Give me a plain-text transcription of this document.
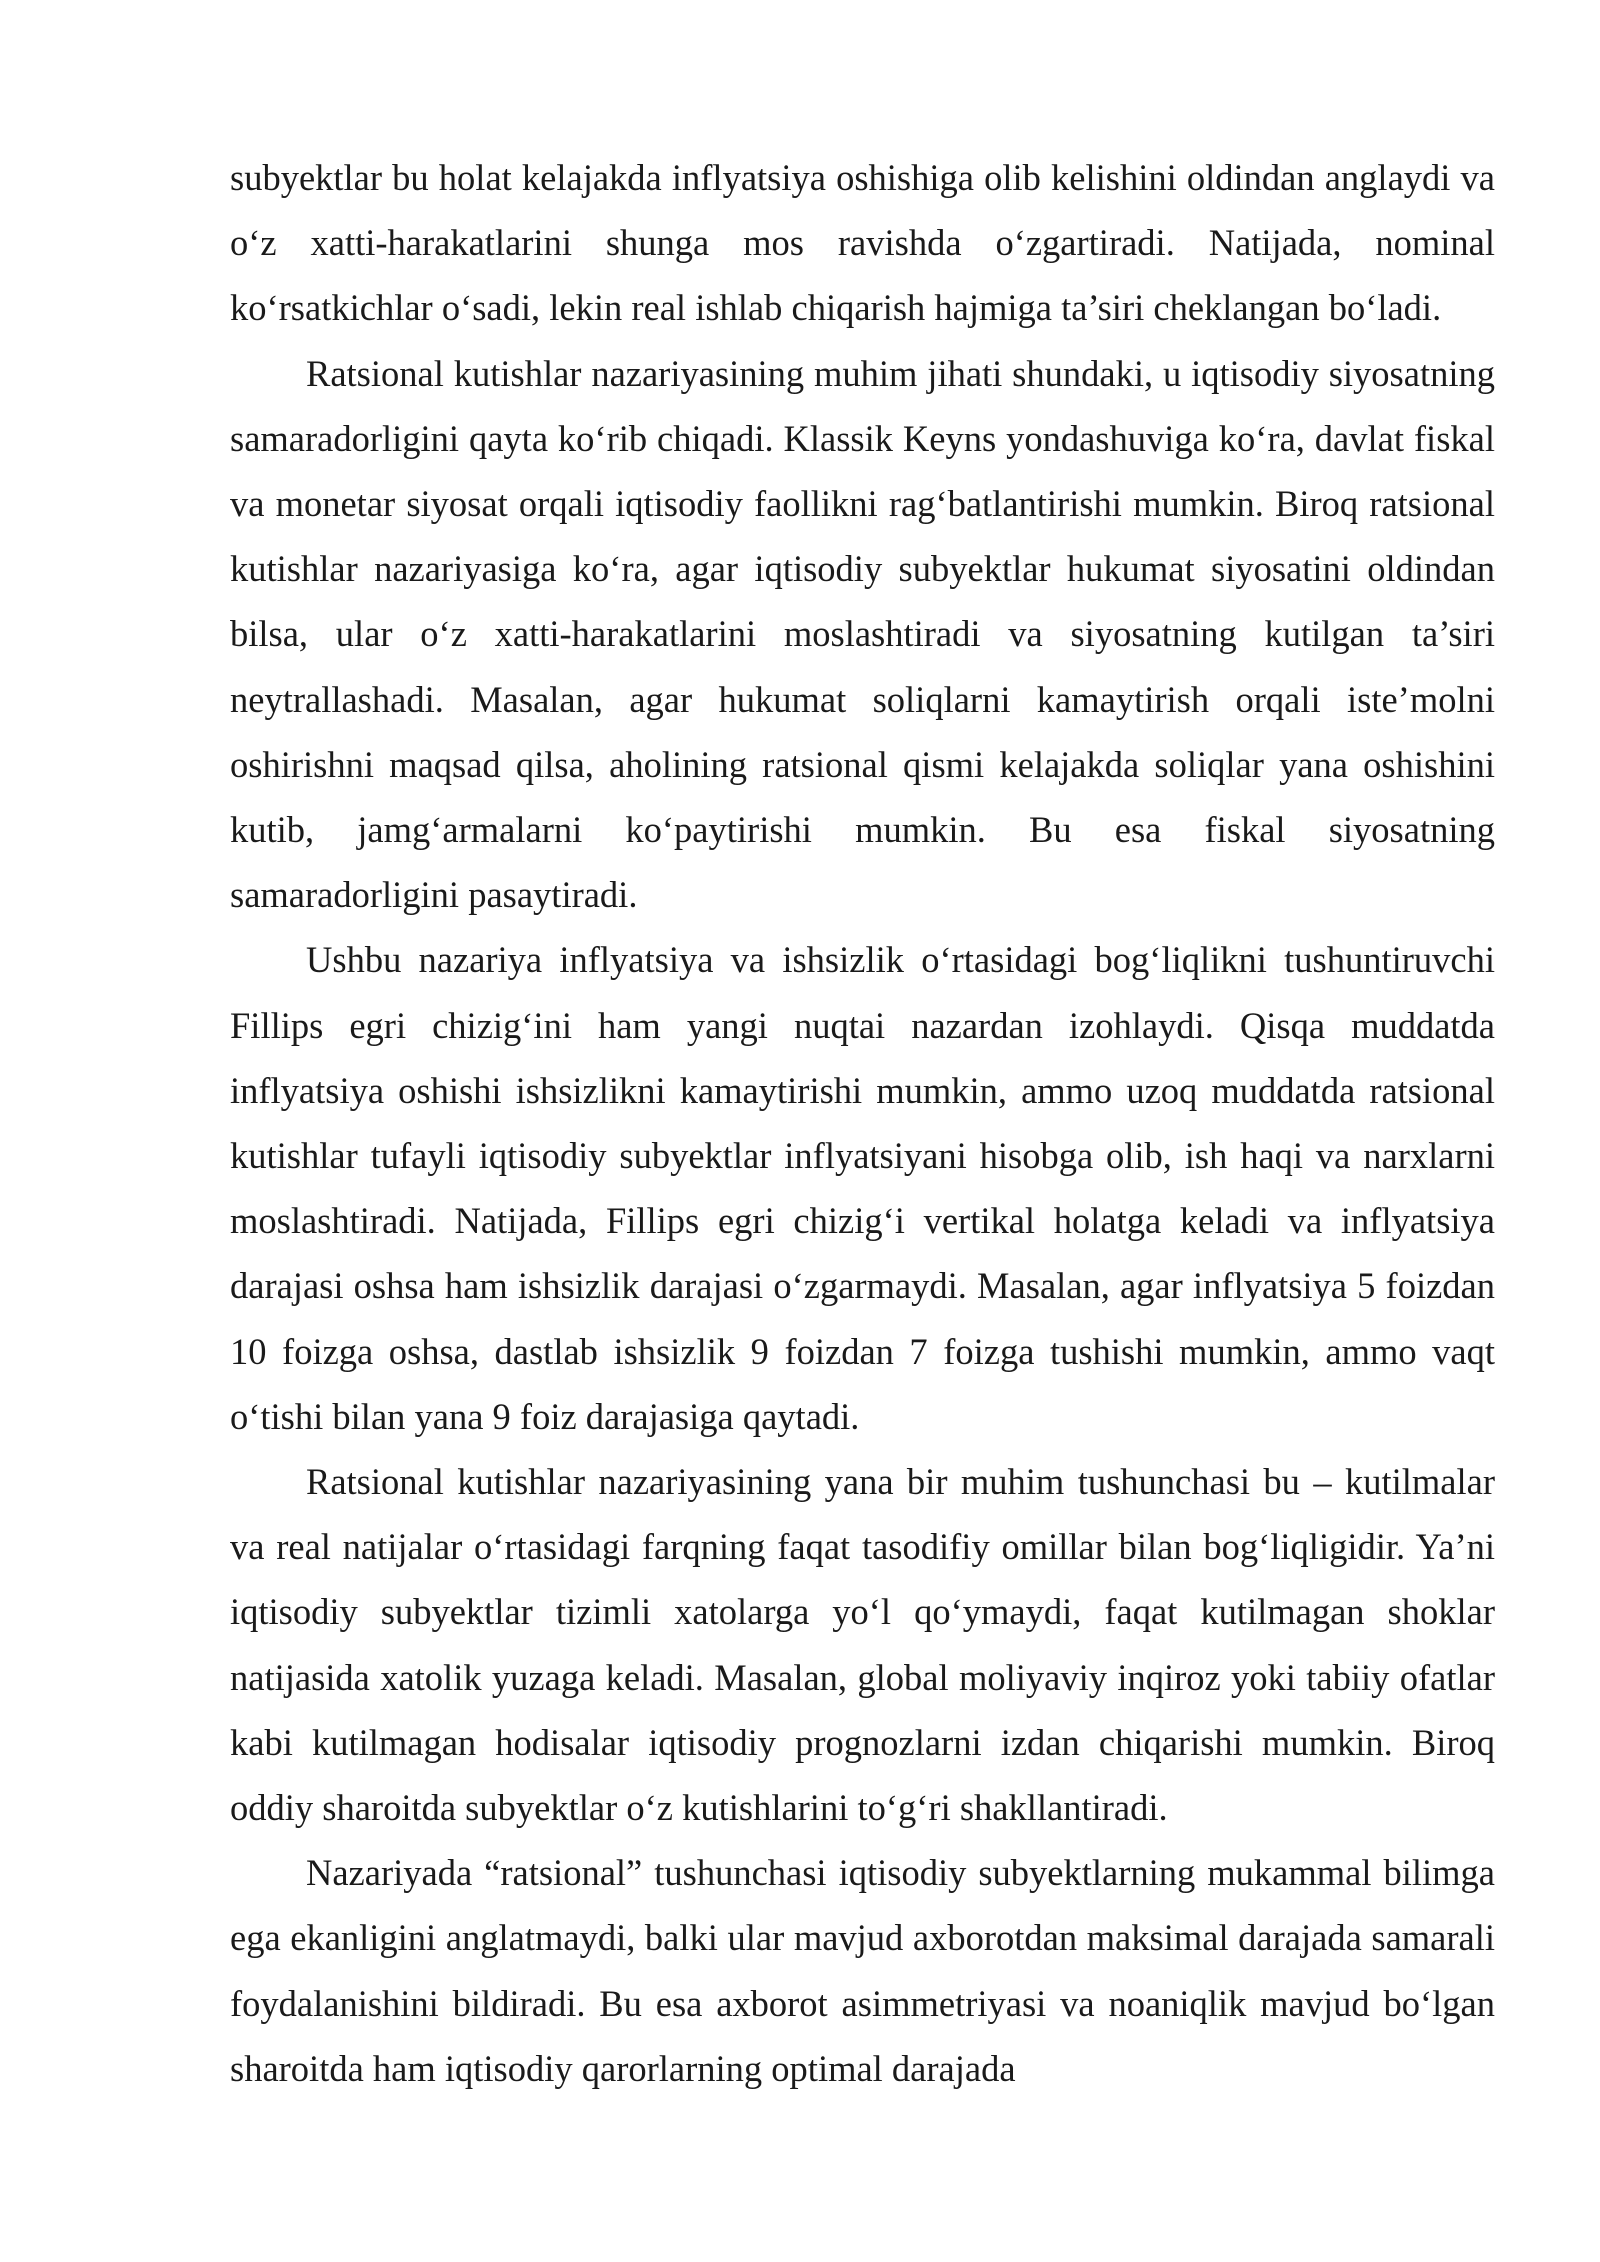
subyektlar bu holat kelajakda inflyatsiya oshishiga olib kelishini oldindan anglaydi va o‘z xatti-harakatlarini shunga mos ravishda o‘zgartiradi. Natijada, nominal ko‘rsatkichlar o‘sadi, lekin real ishlab chiqarish hajmiga ta’siri cheklangan bo‘ladi.

Ratsional kutishlar nazariyasining muhim jihati shundaki, u iqtisodiy siyosatning samaradorligini qayta ko‘rib chiqadi. Klassik Keyns yondashuviga ko‘ra, davlat fiskal va monetar siyosat orqali iqtisodiy faollikni rag‘batlantirishi mumkin. Biroq ratsional kutishlar nazariyasiga ko‘ra, agar iqtisodiy subyektlar hukumat siyosatini oldindan bilsa, ular o‘z xatti-harakatlarini moslashtiradi va siyosatning kutilgan ta’siri neytrallashadi. Masalan, agar hukumat soliqlarni kamaytirish orqali iste’molni oshirishni maqsad qilsa, aholining ratsional qismi kelajakda soliqlar yana oshishini kutib, jamg‘armalarni ko‘paytirishi mumkin. Bu esa fiskal siyosatning samaradorligini pasaytiradi.

Ushbu nazariya inflyatsiya va ishsizlik o‘rtasidagi bog‘liqlikni tushuntiruvchi Fillips egri chizig‘ini ham yangi nuqtai nazardan izohlaydi. Qisqa muddatda inflyatsiya oshishi ishsizlikni kamaytirishi mumkin, ammo uzoq muddatda ratsional kutishlar tufayli iqtisodiy subyektlar inflyatsiyani hisobga olib, ish haqi va narxlarni moslashtiradi. Natijada, Fillips egri chizig‘i vertikal holatga keladi va inflyatsiya darajasi oshsa ham ishsizlik darajasi o‘zgarmaydi. Masalan, agar inflyatsiya 5 foizdan 10 foizga oshsa, dastlab ishsizlik 9 foizdan 7 foizga tushishi mumkin, ammo vaqt o‘tishi bilan yana 9 foiz darajasiga qaytadi.

Ratsional kutishlar nazariyasining yana bir muhim tushunchasi bu – kutilmalar va real natijalar o‘rtasidagi farqning faqat tasodifiy omillar bilan bog‘liqligidir. Ya’ni iqtisodiy subyektlar tizimli xatolarga yo‘l qo‘ymaydi, faqat kutilmagan shoklar natijasida xatolik yuzaga keladi. Masalan, global moliyaviy inqiroz yoki tabiiy ofatlar kabi kutilmagan hodisalar iqtisodiy prognozlarni izdan chiqarishi mumkin. Biroq oddiy sharoitda subyektlar o‘z kutishlarini to‘g‘ri shakllantiradi.

Nazariyada “ratsional” tushunchasi iqtisodiy subyektlarning mukammal bilimga ega ekanligini anglatmaydi, balki ular mavjud axborotdan maksimal darajada samarali foydalanishini bildiradi. Bu esa axborot asimmetriyasi va noaniqlik mavjud bo‘lgan sharoitda ham iqtisodiy qarorlarning optimal darajada
